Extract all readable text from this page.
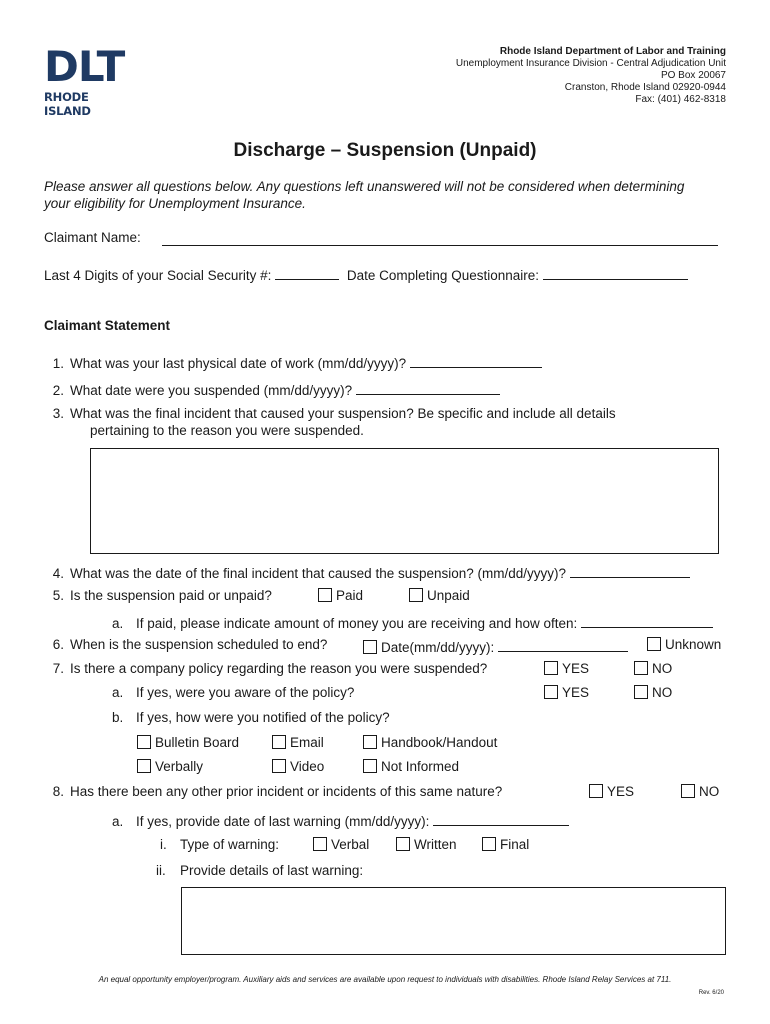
DLT
RHODE ISLAND
Rhode Island Department of Labor and Training
Unemployment Insurance Division - Central Adjudication Unit
PO Box 20067
Cranston, Rhode Island 02920-0944
Fax: (401) 462-8318
Discharge – Suspension (Unpaid)
Please answer all questions below. Any questions left unanswered will not be considered when determining your eligibility for Unemployment Insurance.
Claimant Name:
Last 4 Digits of your Social Security #:	Date Completing Questionnaire:
Claimant Statement
1. What was your last physical date of work (mm/dd/yyyy)?
2. What date were you suspended (mm/dd/yyyy)?
3. What was the final incident that caused your suspension? Be specific and include all details
pertaining to the reason you were suspended.
4. What was the date of the final incident that caused the suspension? (mm/dd/yyyy)?
5. Is the suspension paid or unpaid?	Paid	Unpaid
a. If paid, please indicate amount of money you are receiving and how often:
6. When is the suspension scheduled to end?	Date(mm/dd/yyyy):	Unknown
7. Is there a company policy regarding the reason you were suspended?	YES	NO
a. If yes, were you aware of the policy?	YES	NO
b. If yes, how were you notified of the policy?
Bulletin Board	Email	Handbook/Handout
Verbally	Video	Not Informed
8. Has there been any other prior incident or incidents of this same nature?	YES	NO
a. If yes, provide date of last warning (mm/dd/yyyy):
i. Type of warning:	Verbal	Written	Final
ii. Provide details of last warning:
An equal opportunity employer/program. Auxiliary aids and services are available upon request to individuals with disabilities. Rhode Island Relay Services at 711.
Rev. 6/20
